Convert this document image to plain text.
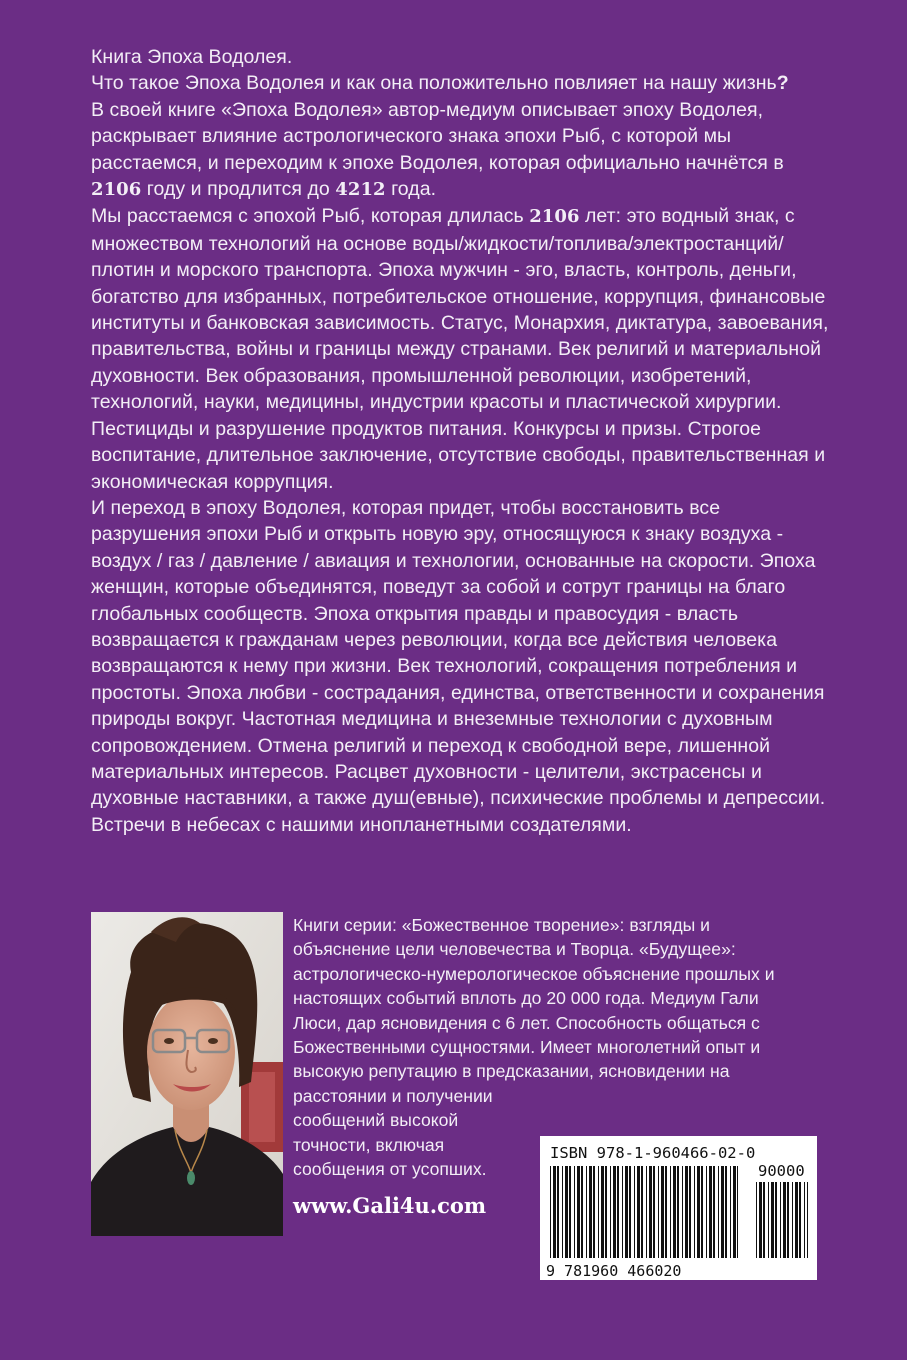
Книга Эпоха Водолея.

Что такое Эпоха Водолея и как она положительно повлияет на нашу жизнь?

В своей книге «Эпоха Водолея» автор-медиум описывает эпоху Водолея, раскрывает влияние астрологического знака эпохи Рыб, с которой мы расстаемся, и переходим к эпохе Водолея, которая официально начнётся в 2106 году и продлится до 4212 года.

Мы расстаемся с эпохой Рыб, которая длилась 2106 лет: это водный знак, с множеством технологий на основе воды/жидкости/топлива/электростанций/плотин и морского транспорта. Эпоха мужчин - эго, власть, контроль, деньги, богатство для избранных, потребительское отношение, коррупция, финансовые институты и банковская зависимость. Статус, Монархия, диктатура, завоевания, правительства, войны и границы между странами. Век религий и материальной духовности. Век образования, промышленной революции, изобретений, технологий, науки, медицины, индустрии красоты и пластической хирургии. Пестициды и разрушение продуктов питания. Конкурсы и призы. Строгое воспитание, длительное заключение, отсутствие свободы, правительственная и экономическая коррупция.

И переход в эпоху Водолея, которая придет, чтобы восстановить все разрушения эпохи Рыб и открыть новую эру, относящуюся к знаку воздуха - воздух / газ / давление / авиация и технологии, основанные на скорости. Эпоха женщин, которые объединятся, поведут за собой и сотрут границы на благо глобальных сообществ. Эпоха открытия правды и правосудия - власть возвращается к гражданам через революции, когда все действия человека возвращаются к нему при жизни. Век технологий, сокращения потребления и простоты. Эпоха любви - сострадания, единства, ответственности и сохранения природы вокруг. Частотная медицина и внеземные технологии с духовным сопровождением. Отмена религий и переход к свободной вере, лишенной материальных интересов. Расцвет духовности - целители, экстрасенсы и духовные наставники, а также душ(евные), психические проблемы и депрессии. Встречи в небесах с нашими инопланетными создателями.

Книги серии: «Божественное творение»: взгляды и
объяснение цели человечества и Творца. «Будущее»:
астрологическо-нумерологическое объяснение прошлых и
настоящих событий вплоть до 20 000 года. Медиум Гали
Люси, дар ясновидения с 6 лет. Способность общаться с
Божественными сущностями. Имеет многолетний опыт и
высокую репутацию в предсказании, ясновидении на
расстоянии и получении
сообщений высокой
точности, включая
сообщения от усопших.
www.Gali4u.com
ISBN 978-1-960466-02-0
90000
9 781960 466020
